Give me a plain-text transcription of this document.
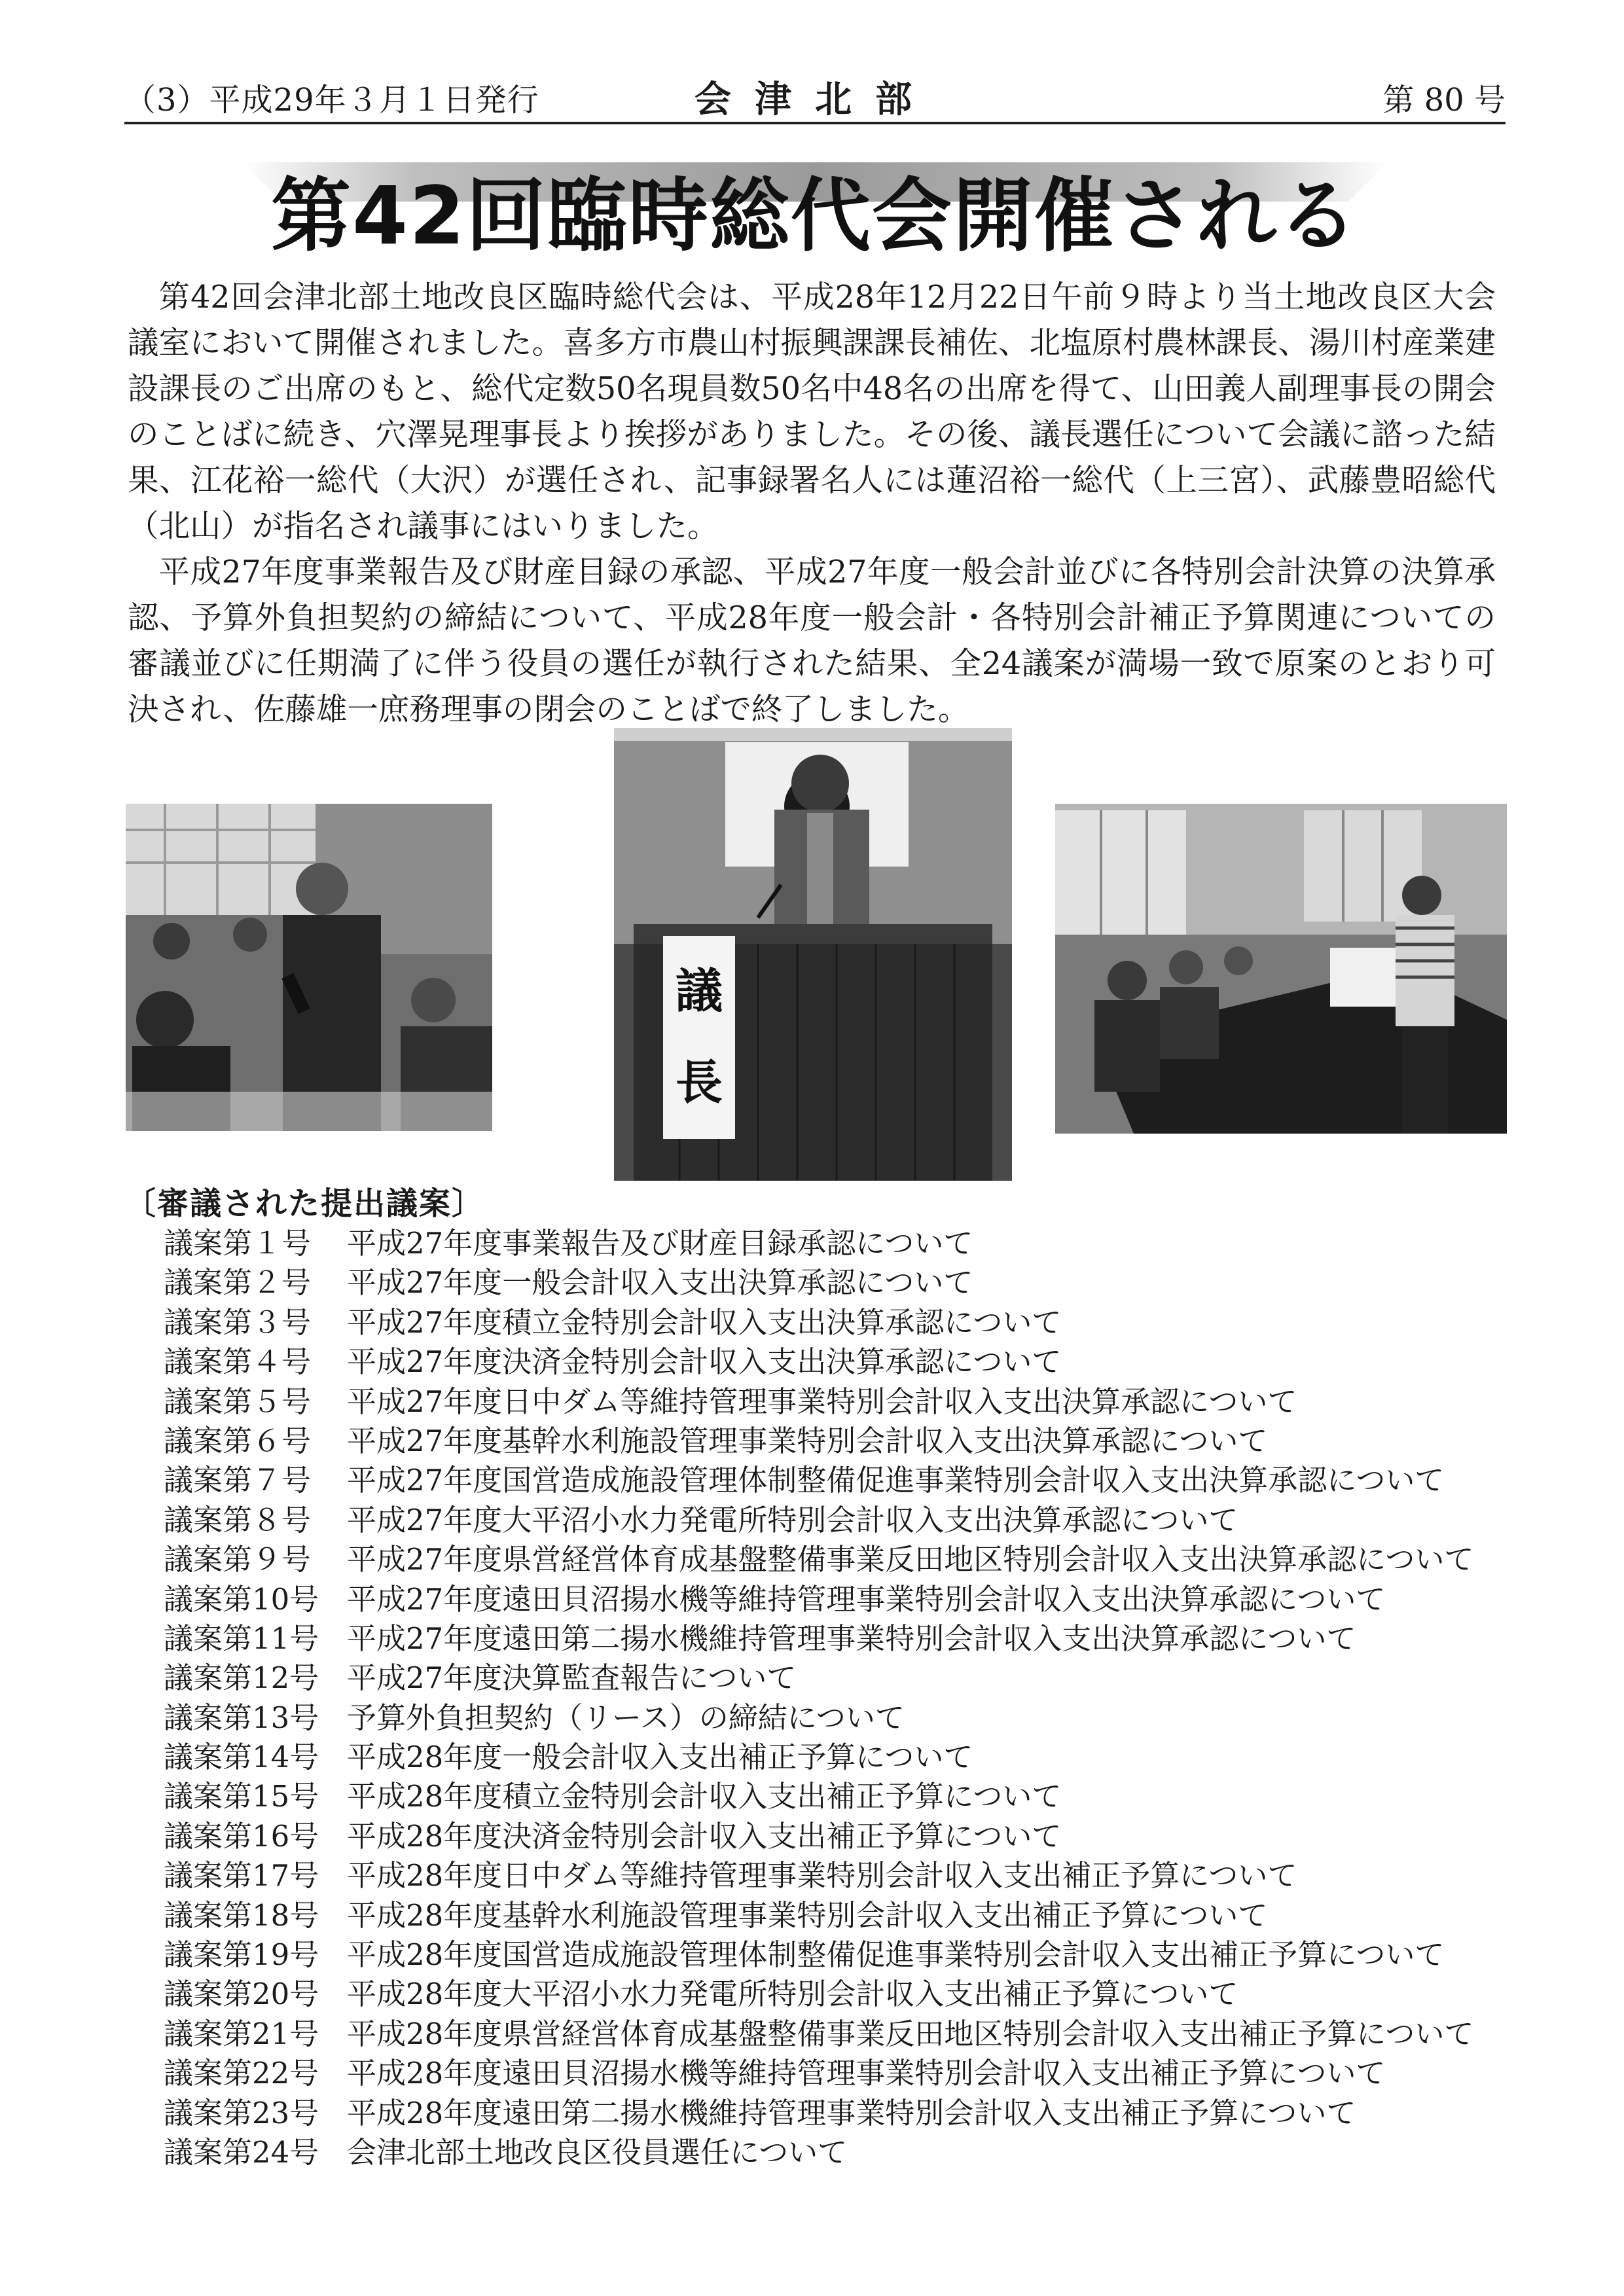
（3）平成29年３月１日発行	会津北部	第 80 号
第42回臨時総代会開催される

第42回会津北部土地改良区臨時総代会は、平成28年12月22日午前９時より当土地改良区大会議室において開催されました。喜多方市農山村振興課課長補佐、北塩原村農林課長、湯川村産業建設課長のご出席のもと、総代定数50名現員数50名中48名の出席を得て、山田義人副理事長の開会のことばに続き、穴澤晃理事長より挨拶がありました。その後、議長選任について会議に諮った結果、江花裕一総代（大沢）が選任され、記事録署名人には蓮沼裕一総代（上三宮）、武藤豊昭総代（北山）が指名され議事にはいりました。

平成27年度事業報告及び財産目録の承認、平成27年度一般会計並びに各特別会計決算の決算承認、予算外負担契約の締結について、平成28年度一般会計・各特別会計補正予算関連についての審議並びに任期満了に伴う役員の選任が執行された結果、全24議案が満場一致で原案のとおり可決され、佐藤雄一庶務理事の閉会のことばで終了しました。

議
長
〔審議された提出議案〕
議案第１号 平成27年度事業報告及び財産目録承認について
議案第２号 平成27年度一般会計収入支出決算承認について
議案第３号 平成27年度積立金特別会計収入支出決算承認について
議案第４号 平成27年度決済金特別会計収入支出決算承認について
議案第５号 平成27年度日中ダム等維持管理事業特別会計収入支出決算承認について
議案第６号 平成27年度基幹水利施設管理事業特別会計収入支出決算承認について
議案第７号 平成27年度国営造成施設管理体制整備促進事業特別会計収入支出決算承認について
議案第８号 平成27年度大平沼小水力発電所特別会計収入支出決算承認について
議案第９号 平成27年度県営経営体育成基盤整備事業反田地区特別会計収入支出決算承認について
議案第10号 平成27年度遠田貝沼揚水機等維持管理事業特別会計収入支出決算承認について
議案第11号 平成27年度遠田第二揚水機維持管理事業特別会計収入支出決算承認について
議案第12号 平成27年度決算監査報告について
議案第13号 予算外負担契約（リース）の締結について
議案第14号 平成28年度一般会計収入支出補正予算について
議案第15号 平成28年度積立金特別会計収入支出補正予算について
議案第16号 平成28年度決済金特別会計収入支出補正予算について
議案第17号 平成28年度日中ダム等維持管理事業特別会計収入支出補正予算について
議案第18号 平成28年度基幹水利施設管理事業特別会計収入支出補正予算について
議案第19号 平成28年度国営造成施設管理体制整備促進事業特別会計収入支出補正予算について
議案第20号 平成28年度大平沼小水力発電所特別会計収入支出補正予算について
議案第21号 平成28年度県営経営体育成基盤整備事業反田地区特別会計収入支出補正予算について
議案第22号 平成28年度遠田貝沼揚水機等維持管理事業特別会計収入支出補正予算について
議案第23号 平成28年度遠田第二揚水機維持管理事業特別会計収入支出補正予算について
議案第24号 会津北部土地改良区役員選任について
